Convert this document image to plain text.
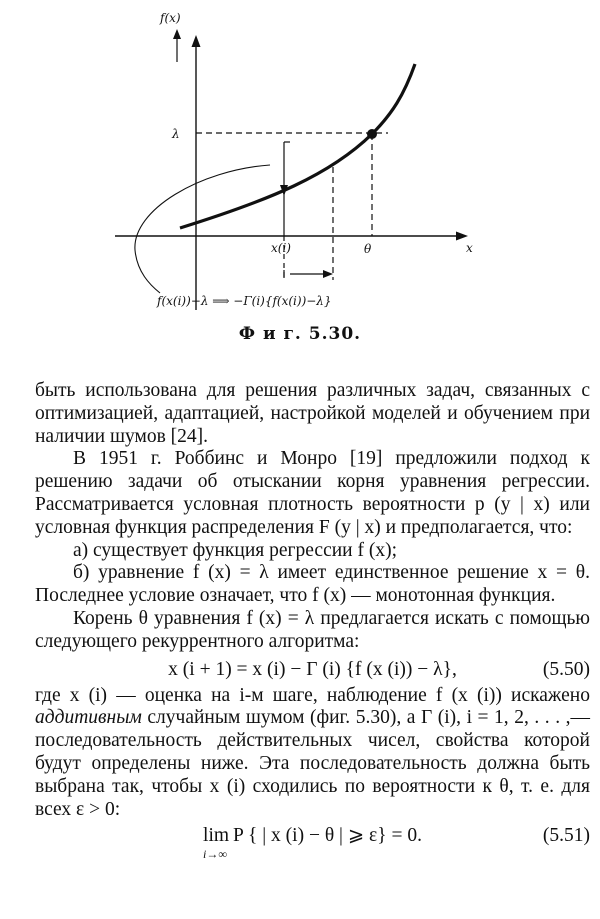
f(x)
x
λ
θ
x(i)
f(x(i))−λ ⟹ −Γ(i){f(x(i))−λ}
Ф и г. 5.30.

быть использована для решения различных задач, связанных с оптимизацией, адаптацией, настройкой моделей и обучением при наличии шумов [24].

В 1951 г. Роббинс и Монро [19] предложили подход к решению задачи об отыскании корня уравнения регрессии. Рассматривается условная плотность вероятности p (y | x) или условная функция распределения F (y | x) и предполагается, что:

а) существует функция регрессии f (x);

б) уравнение f (x) = λ имеет единственное решение x = θ. Последнее условие означает, что f (x) — монотонная функция.

Корень θ уравнения f (x) = λ предлагается искать с помощью следующего рекуррентного алгоритма:

x (i + 1) = x (i) − Γ (i) {f (x (i)) − λ},	(5.50)

где x (i) — оценка на i-м шаге, наблюдение f (x (i)) искажено аддитивным случайным шумом (фиг. 5.30), а Γ (i), i = 1, 2, . . . ,— последовательность действительных чисел, свойства которой будут определены ниже. Эта последовательность должна быть выбрана так, чтобы x (i) сходились по вероятности к θ, т. е. для всех ε > 0:

lim
i→∞
P { | x (i) − θ | ⩾ ε} = 0.	(5.51)
